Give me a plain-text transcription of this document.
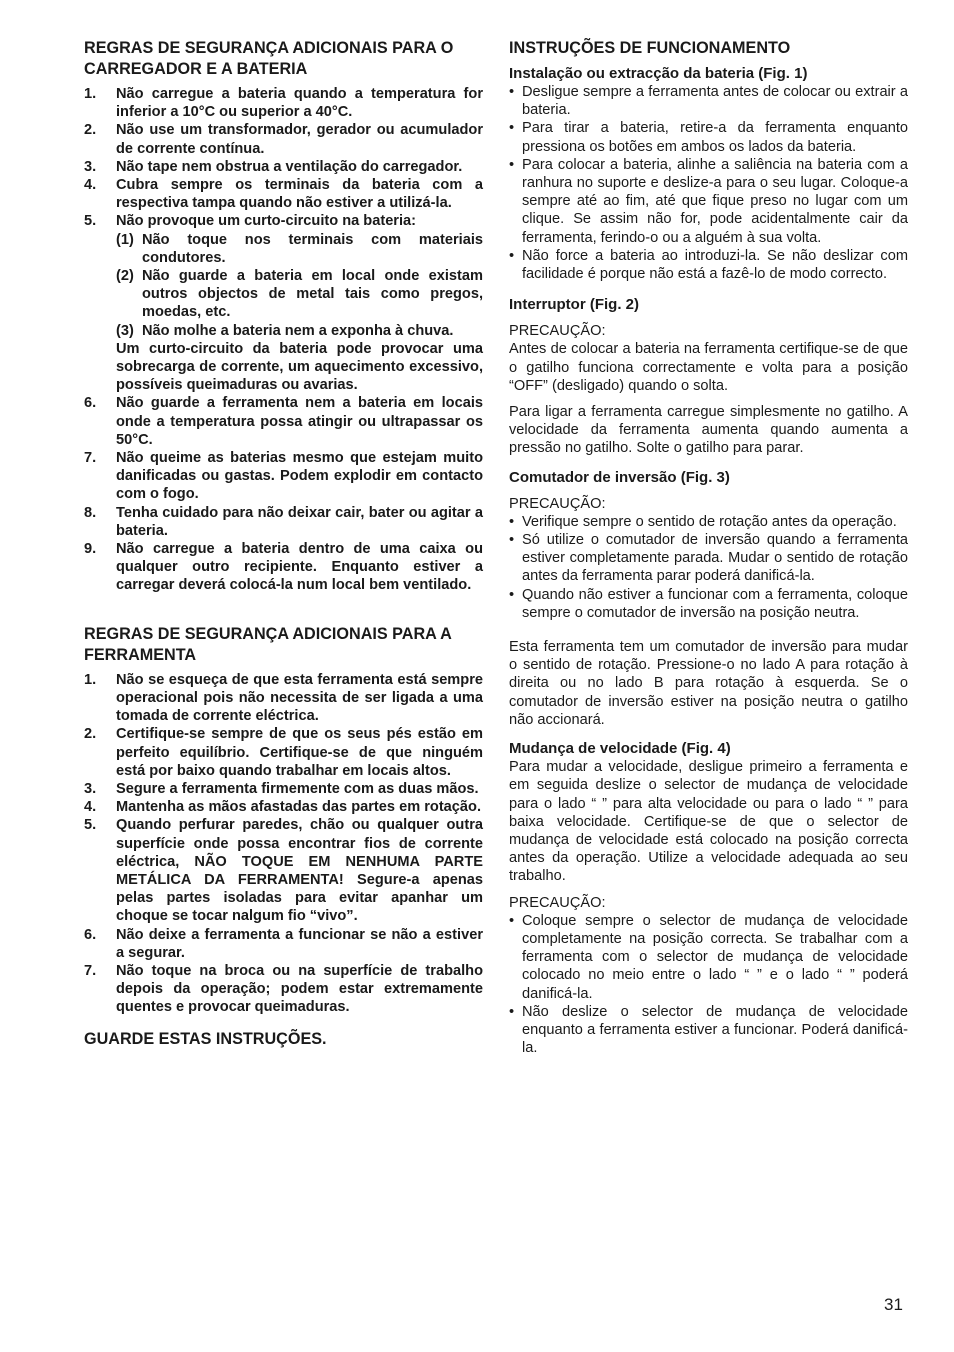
REGRAS DE SEGURANÇA ADICIONAIS PARA O CARREGADOR E A BATERIA
1. Não carregue a bateria quando a temperatura for inferior a 10°C ou superior a 40°C.
2. Não use um transformador, gerador ou acumulador de corrente contínua.
3. Não tape nem obstrua a ventilação do carregador.
4. Cubra sempre os terminais da bateria com a respectiva tampa quando não estiver a utilizá-la.
5. Não provoque um curto-circuito na bateria:
(1) Não toque nos terminais com materiais condutores.
(2) Não guarde a bateria em local onde existam outros objectos de metal tais como pregos, moedas, etc.
(3) Não molhe a bateria nem a exponha à chuva.
Um curto-circuito da bateria pode provocar uma sobrecarga de corrente, um aquecimento excessivo, possíveis queimaduras ou avarias.
6. Não guarde a ferramenta nem a bateria em locais onde a temperatura possa atingir ou ultrapassar os 50°C.
7. Não queime as baterias mesmo que estejam muito danificadas ou gastas. Podem explodir em contacto com o fogo.
8. Tenha cuidado para não deixar cair, bater ou agitar a bateria.
9. Não carregue a bateria dentro de uma caixa ou qualquer outro recipiente. Enquanto estiver a carregar deverá colocá-la num local bem ventilado.
REGRAS DE SEGURANÇA ADICIONAIS PARA A FERRAMENTA
1. Não se esqueça de que esta ferramenta está sempre operacional pois não necessita de ser ligada a uma tomada de corrente eléctrica.
2. Certifique-se sempre de que os seus pés estão em perfeito equilíbrio. Certifique-se de que ninguém está por baixo quando trabalhar em locais altos.
3. Segure a ferramenta firmemente com as duas mãos.
4. Mantenha as mãos afastadas das partes em rotação.
5. Quando perfurar paredes, chão ou qualquer outra superfície onde possa encontrar fios de corrente eléctrica, NÃO TOQUE EM NENHUMA PARTE METÁLICA DA FERRAMENTA! Segure-a apenas pelas partes isoladas para evitar apanhar um choque se tocar nalgum fio “vivo”.
6. Não deixe a ferramenta a funcionar se não a estiver a segurar.
7. Não toque na broca ou na superfície de trabalho depois da operação; podem estar extremamente quentes e provocar queimaduras.
GUARDE ESTAS INSTRUÇÕES.
INSTRUÇÕES DE FUNCIONAMENTO
Instalação ou extracção da bateria (Fig. 1)
• Desligue sempre a ferramenta antes de colocar ou extrair a bateria.
• Para tirar a bateria, retire-a da ferramenta enquanto pressiona os botões em ambos os lados da bateria.
• Para colocar a bateria, alinhe a saliência na bateria com a ranhura no suporte e deslize-a para o seu lugar. Coloque-a sempre até ao fim, até que fique preso no lugar com um clique. Se assim não for, pode acidentalmente cair da ferramenta, ferindo-o ou a alguém à sua volta.
• Não force a bateria ao introduzi-la. Se não deslizar com facilidade é porque não está a fazê-lo de modo correcto.
Interruptor (Fig. 2)

PRECAUÇÃO:

Antes de colocar a bateria na ferramenta certifique-se de que o gatilho funciona correctamente e volta para a posição “OFF” (desligado) quando o solta.

Para ligar a ferramenta carregue simplesmente no gatilho. A velocidade da ferramenta aumenta quando aumenta a pressão no gatilho. Solte o gatilho para parar.

Comutador de inversão (Fig. 3)

PRECAUÇÃO:

• Verifique sempre o sentido de rotação antes da operação.
• Só utilize o comutador de inversão quando a ferramenta estiver completamente parada. Mudar o sentido de rotação antes da ferramenta parar poderá danificá-la.
• Quando não estiver a funcionar com a ferramenta, coloque sempre o comutador de inversão na posição neutra.

Esta ferramenta tem um comutador de inversão para mudar o sentido de rotação. Pressione-o no lado A para rotação à direita ou no lado B para rotação à esquerda. Se o comutador de inversão estiver na posição neutra o gatilho não accionará.

Mudança de velocidade (Fig. 4)

Para mudar a velocidade, desligue primeiro a ferramenta e em seguida deslize o selector de mudança de velocidade para o lado “ ” para alta velocidade ou para o lado “ ” para baixa velocidade. Certifique-se de que o selector de mudança de velocidade está colocado na posição correcta antes da operação. Utilize a velocidade adequada ao seu trabalho.

PRECAUÇÃO:

• Coloque sempre o selector de mudança de velocidade completamente na posição correcta. Se trabalhar com a ferramenta com o selector de mudança de velocidade colocado no meio entre o lado “ ” e o lado “ ” poderá danificá-la.
• Não deslize o selector de mudança de velocidade enquanto a ferramenta estiver a funcionar. Poderá danificá-la.
31
